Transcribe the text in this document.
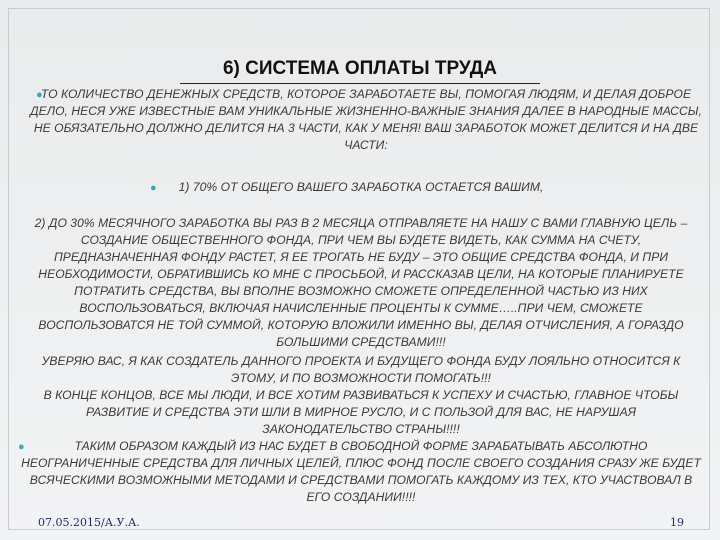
6) СИСТЕМА ОПЛАТЫ ТРУДА
●
ТО КОЛИЧЕСТВО ДЕНЕЖНЫХ СРЕДСТВ, КОТОРОЕ ЗАРАБОТАЕТЕ ВЫ, ПОМОГАЯ ЛЮДЯМ, И ДЕЛАЯ ДОБРОЕ ДЕЛО, НЕСЯ УЖЕ ИЗВЕСТНЫЕ ВАМ УНИКАЛЬНЫЕ ЖИЗНЕННО-ВАЖНЫЕ ЗНАНИЯ ДАЛЕЕ В НАРОДНЫЕ МАССЫ, НЕ ОБЯЗАТЕЛЬНО ДОЛЖНО ДЕЛИТСЯ НА 3 ЧАСТИ, КАК У МЕНЯ! ВАШ ЗАРАБОТОК МОЖЕТ ДЕЛИТСЯ И НА ДВЕ ЧАСТИ:
●	1) 70% ОТ ОБЩЕГО ВАШЕГО ЗАРАБОТКА ОСТАЕТСЯ ВАШИМ,
2) ДО 30% МЕСЯЧНОГО ЗАРАБОТКА ВЫ РАЗ В 2 МЕСЯЦА ОТПРАВЛЯЕТЕ НА НАШУ С ВАМИ ГЛАВНУЮ ЦЕЛЬ – СОЗДАНИЕ ОБЩЕСТВЕННОГО ФОНДА, ПРИ ЧЕМ ВЫ БУДЕТЕ ВИДЕТЬ, КАК СУММА НА СЧЕТУ, ПРЕДНАЗНАЧЕННАЯ ФОНДУ РАСТЕТ, Я ЕЕ ТРОГАТЬ НЕ БУДУ – ЭТО ОБЩИЕ СРЕДСТВА ФОНДА, И ПРИ НЕОБХОДИМОСТИ, ОБРАТИВШИСЬ КО МНЕ С ПРОСЬБОЙ, И РАССКАЗАВ ЦЕЛИ, НА КОТОРЫЕ ПЛАНИРУЕТЕ ПОТРАТИТЬ СРЕДСТВА, ВЫ ВПОЛНЕ ВОЗМОЖНО СМОЖЕТЕ ОПРЕДЕЛЕННОЙ ЧАСТЬЮ ИЗ НИХ ВОСПОЛЬЗОВАТЬСЯ, ВКЛЮЧАЯ НАЧИСЛЕННЫЕ ПРОЦЕНТЫ К СУММЕ…..ПРИ ЧЕМ, СМОЖЕТЕ ВОСПОЛЬЗОВАТСЯ НЕ ТОЙ СУММОЙ, КОТОРУЮ ВЛОЖИЛИ ИМЕННО ВЫ, ДЕЛАЯ ОТЧИСЛЕНИЯ, А ГОРАЗДО БОЛЬШИМИ СРЕДСТВАМИ!!!
УВЕРЯЮ ВАС, Я КАК СОЗДАТЕЛЬ ДАННОГО ПРОЕКТА И БУДУЩЕГО ФОНДА БУДУ ЛОЯЛЬНО ОТНОСИТСЯ К ЭТОМУ, И ПО ВОЗМОЖНОСТИ ПОМОГАТЬ!!!
В КОНЦЕ КОНЦОВ, ВСЕ МЫ ЛЮДИ, И ВСЕ ХОТИМ РАЗВИВАТЬСЯ К УСПЕХУ И СЧАСТЬЮ, ГЛАВНОЕ ЧТОБЫ РАЗВИТИЕ И СРЕДСТВА ЭТИ ШЛИ В МИРНОЕ РУСЛО, И С ПОЛЬЗОЙ ДЛЯ ВАС, НЕ НАРУШАЯ ЗАКОНОДАТЕЛЬСТВО СТРАНЫ!!!!
●	ТАКИМ ОБРАЗОМ КАЖДЫЙ ИЗ НАС БУДЕТ В СВОБОДНОЙ ФОРМЕ ЗАРАБАТЫВАТЬ АБСОЛЮТНО НЕОГРАНИЧЕННЫЕ СРЕДСТВА ДЛЯ ЛИЧНЫХ ЦЕЛЕЙ, ПЛЮС ФОНД ПОСЛЕ СВОЕГО СОЗДАНИЯ СРАЗУ ЖЕ БУДЕТ ВСЯЧЕСКИМИ ВОЗМОЖНЫМИ МЕТОДАМИ И СРЕДСТВАМИ ПОМОГАТЬ КАЖДОМУ ИЗ ТЕХ, КТО УЧАСТВОВАЛ В ЕГО СОЗДАНИИ!!!!
07.05.2015/А.У.А.	19
